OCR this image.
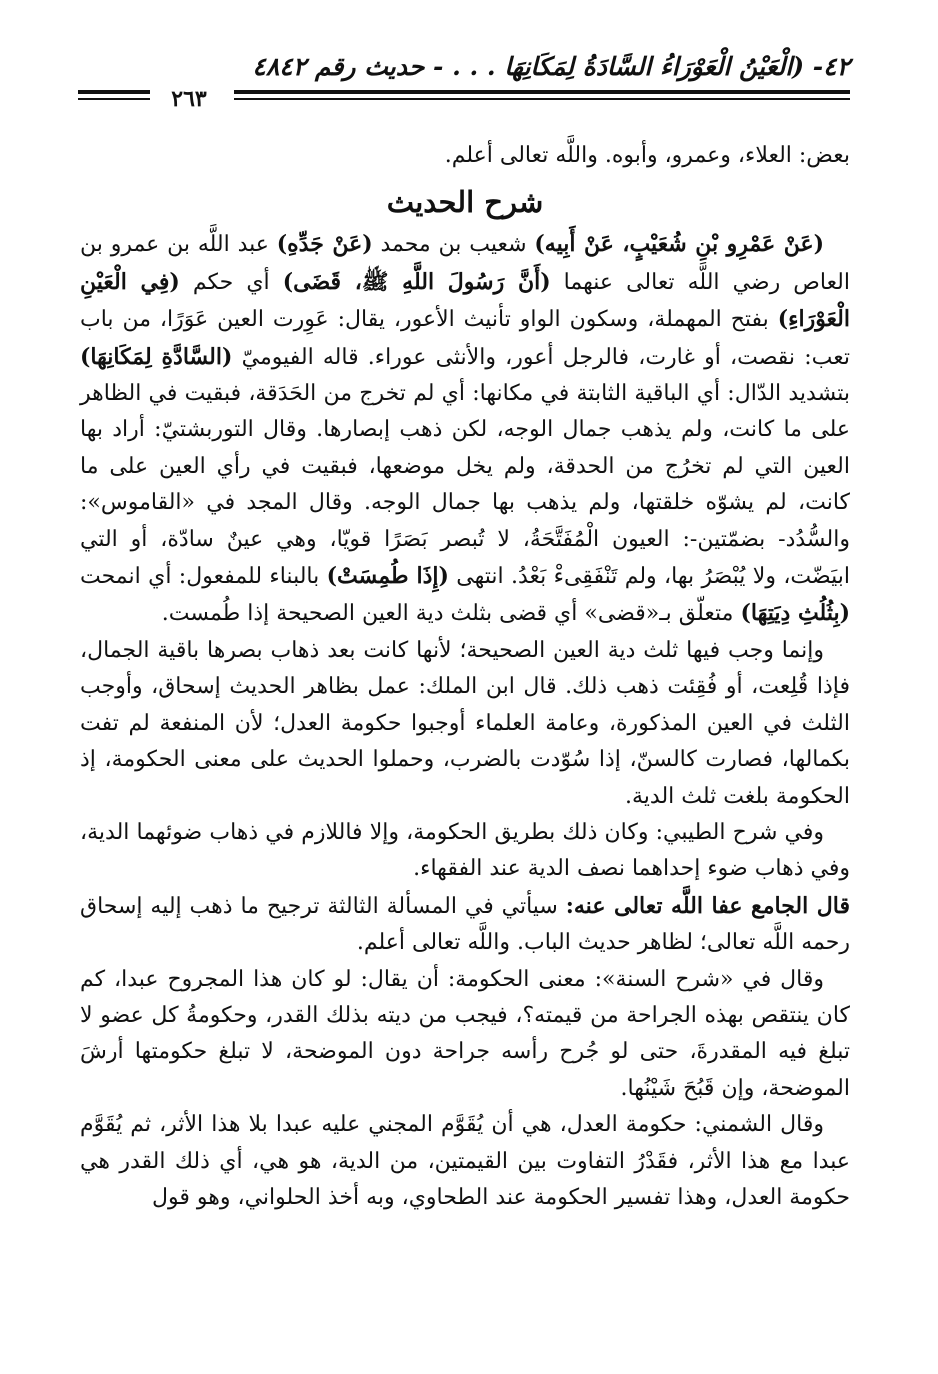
٤٢- (الْعَيْنُ الْعَوْرَاءُ السَّادَةُ لِمَكَانِهَا . . . - حديث رقم ٤٨٤٢
٢٦٣

بعض: العلاء، وعمرو، وأبوه. واللَّه تعالى أعلم.

شرح الحديث

(عَنْ عَمْرِو بْنِ شُعَيْبٍ، عَنْ أَبِيه) شعيب بن محمد (عَنْ جَدِّهِ) عبد اللَّه بن عمرو بن العاص رضي اللَّه تعالى عنهما (أَنَّ رَسُولَ اللَّهِ ﷺ، قَضَى) أي حكم (فِي الْعَيْنِ الْعَوْرَاءِ) بفتح المهملة، وسكون الواو تأنيث الأعور، يقال: عَوِرت العين عَوَرًا، من باب تعب: نقصت، أو غارت، فالرجل أعور، والأنثى عوراء. قاله الفيوميّ (السَّادَّةِ لِمَكَانِهَا) بتشديد الدّال: أي الباقية الثابتة في مكانها: أي لم تخرج من الحَدَقة، فبقيت في الظاهر على ما كانت، ولم يذهب جمال الوجه، لكن ذهب إبصارها. وقال التوربشتيّ: أراد بها العين التي لم تخرُج من الحدقة، ولم يخل موضعها، فبقيت في رأي العين على ما كانت، لم يشوّه خلقتها، ولم يذهب بها جمال الوجه. وقال المجد في «القاموس»: والسُّدُد- بضمّتين-: العيون الْمُفَتَّحَةُ، لا تُبصر بَصَرًا قويّا، وهي عينٌ سادّة، أو التي ابيَضّت، ولا يُبْصَرُ بها، ولم تَنْفَقِىءْ بَعْدُ. انتهى (إِذَا طُمِسَتْ) بالبناء للمفعول: أي انمحت (بِثُلُثِ دِيَتِهَا) متعلّق بـ«قضى» أي قضى بثلث دية العين الصحيحة إذا طُمست.

وإنما وجب فيها ثلث دية العين الصحيحة؛ لأنها كانت بعد ذهاب بصرها باقية الجمال، فإذا قُلِعت، أو فُقِئت ذهب ذلك. قال ابن الملك: عمل بظاهر الحديث إسحاق، وأوجب الثلث في العين المذكورة، وعامة العلماء أوجبوا حكومة العدل؛ لأن المنفعة لم تفت بكمالها، فصارت كالسنّ، إذا سُوّدت بالضرب، وحملوا الحديث على معنى الحكومة، إذ الحكومة بلغت ثلث الدية.

وفي شرح الطيبي: وكان ذلك بطريق الحكومة، وإلا فاللازم في ذهاب ضوئهما الدية، وفي ذهاب ضوء إحداهما نصف الدية عند الفقهاء.

قال الجامع عفا اللَّه تعالى عنه: سيأتي في المسألة الثالثة ترجيح ما ذهب إليه إسحاق رحمه اللَّه تعالى؛ لظاهر حديث الباب. واللَّه تعالى أعلم.

وقال في «شرح السنة»: معنى الحكومة: أن يقال: لو كان هذا المجروح عبدا، كم كان ينتقص بهذه الجراحة من قيمته؟، فيجب من ديته بذلك القدر، وحكومةُ كل عضو لا تبلغ فيه المقدرةَ، حتى لو جُرح رأسه جراحة دون الموضحة، لا تبلغ حكومتها أرشَ الموضحة، وإن قَبُحَ شَيْنُها.

وقال الشمني: حكومة العدل، هي أن يُقَوَّم المجني عليه عبدا بلا هذا الأثر، ثم يُقَوَّم عبدا مع هذا الأثر، فقَدْرُ التفاوت بين القيمتين، من الدية، هو هي، أي ذلك القدر هي حكومة العدل، وهذا تفسير الحكومة عند الطحاوي، وبه أخذ الحلواني، وهو قول
